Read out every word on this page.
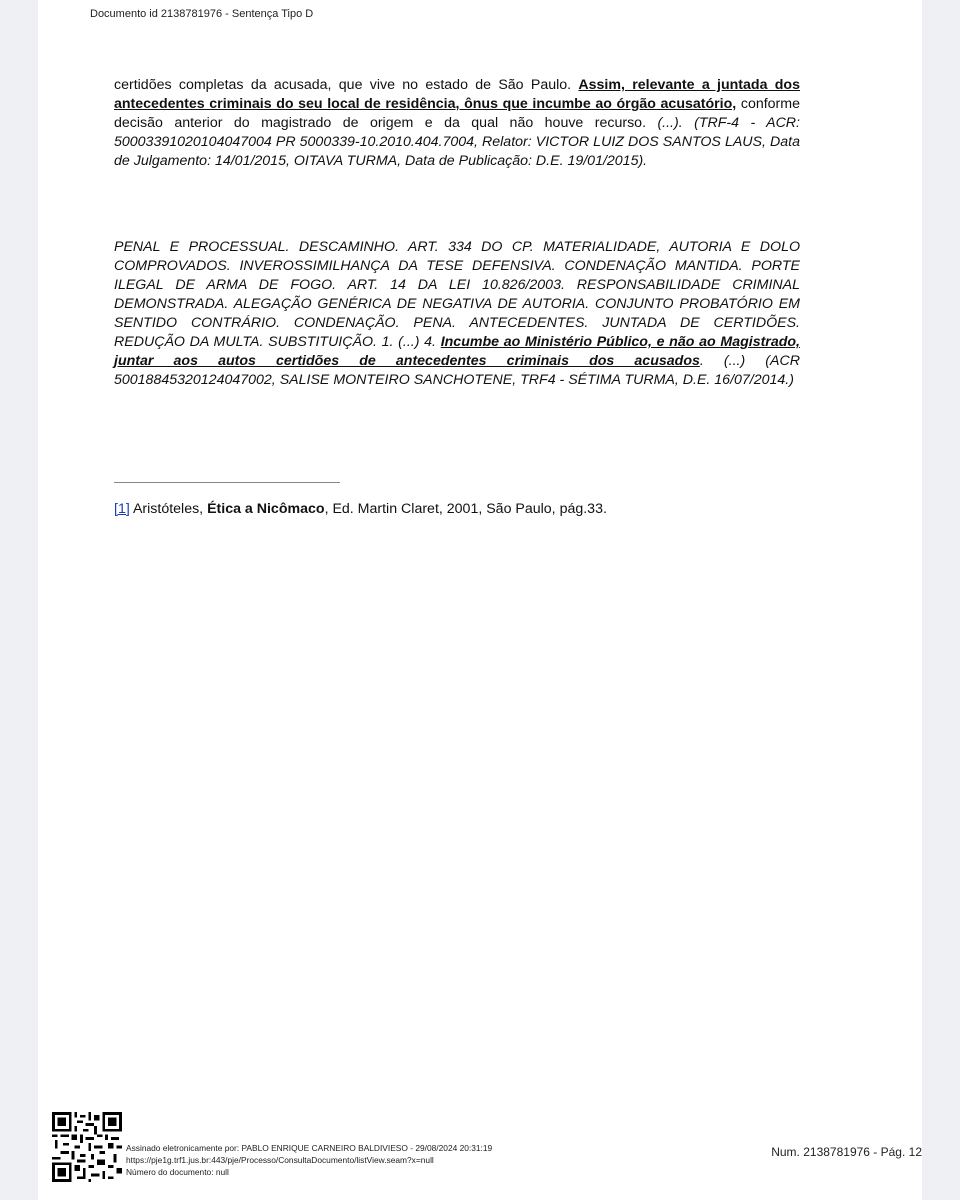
Documento id 2138781976 - Sentença Tipo D
certidões completas da acusada, que vive no estado de São Paulo. Assim, relevante a juntada dos antecedentes criminais do seu local de residência, ônus que incumbe ao órgão acusatório, conforme decisão anterior do magistrado de origem e da qual não houve recurso. (...). (TRF-4 - ACR: 50003391020104047004 PR 5000339-10.2010.404.7004, Relator: VICTOR LUIZ DOS SANTOS LAUS, Data de Julgamento: 14/01/2015, OITAVA TURMA, Data de Publicação: D.E. 19/01/2015).
PENAL E PROCESSUAL. DESCAMINHO. ART. 334 DO CP. MATERIALIDADE, AUTORIA E DOLO COMPROVADOS. INVEROSSIMILHANÇA DA TESE DEFENSIVA. CONDENAÇÃO MANTIDA. PORTE ILEGAL DE ARMA DE FOGO. ART. 14 DA LEI 10.826/2003. RESPONSABILIDADE CRIMINAL DEMONSTRADA. ALEGAÇÃO GENÉRICA DE NEGATIVA DE AUTORIA. CONJUNTO PROBATÓRIO EM SENTIDO CONTRÁRIO. CONDENAÇÃO. PENA. ANTECEDENTES. JUNTADA DE CERTIDÕES. REDUÇÃO DA MULTA. SUBSTITUIÇÃO. 1. (...) 4. Incumbe ao Ministério Público, e não ao Magistrado, juntar aos autos certidões de antecedentes criminais dos acusados. (...) (ACR 50018845320124047002, SALISE MONTEIRO SANCHOTENE, TRF4 - SÉTIMA TURMA, D.E. 16/07/2014.)
[1] Aristóteles, Ética a Nicômaco, Ed. Martin Claret, 2001, São Paulo, pág.33.
Assinado eletronicamente por: PABLO ENRIQUE CARNEIRO BALDIVIESO - 29/08/2024 20:31:19
https://pje1g.trf1.jus.br:443/pje/Processo/ConsultaDocumento/listView.seam?x=null
Número do documento: null
Num. 2138781976 - Pág. 12
